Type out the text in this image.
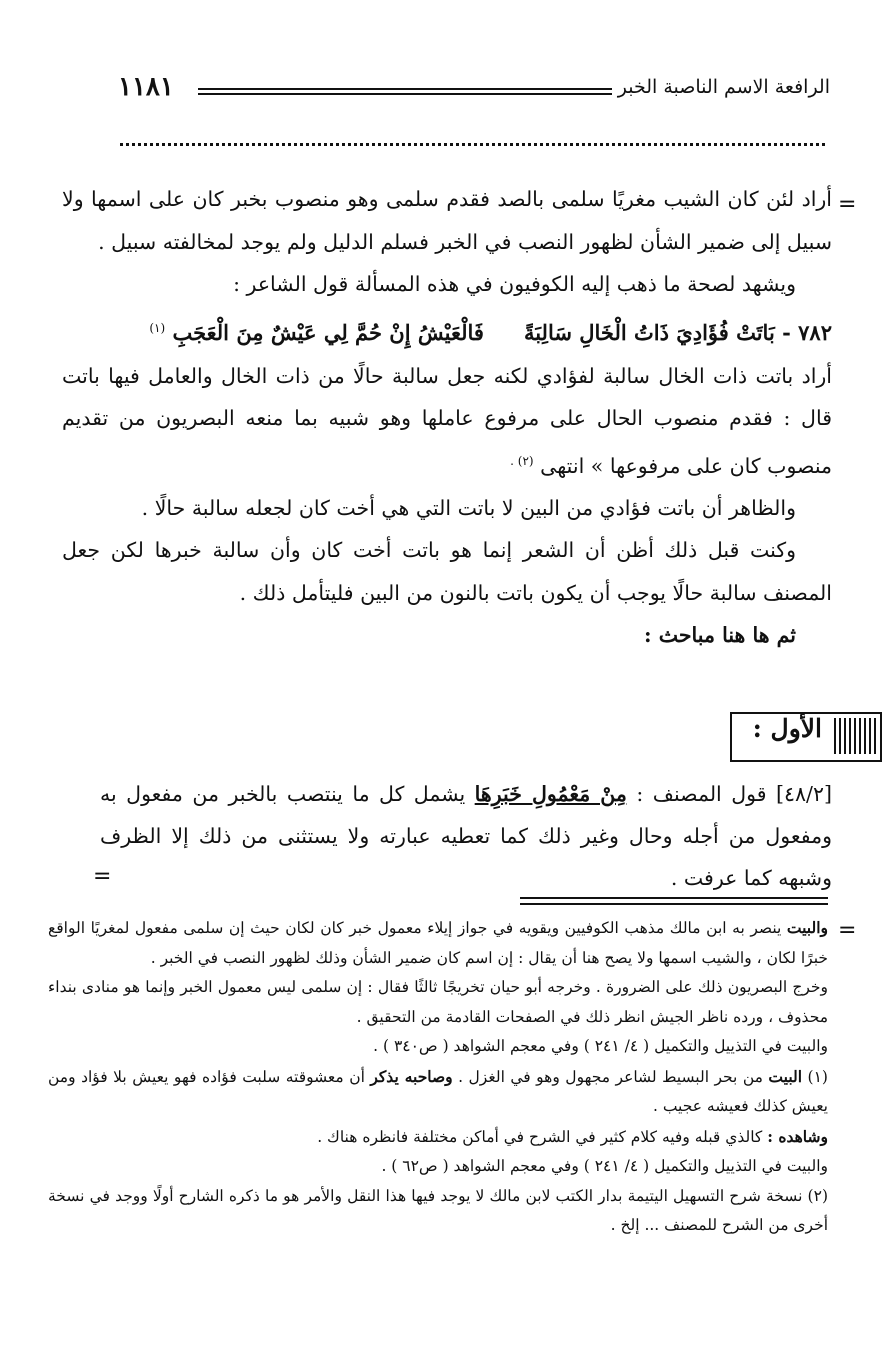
الرافعة الاسم الناصبة الخبر
١١٨١
=
=
=

أراد لئن كان الشيب مغريًا سلمى بالصد فقدم سلمى وهو منصوب بخبر كان على اسمها ولا سبيل إلى ضمير الشأن لظهور النصب في الخبر فسلم الدليل ولم يوجد لمخالفته سبيل .

ويشهد لصحة ما ذهب إليه الكوفيون في هذه المسألة قول الشاعر :

٧٨٢ - بَاتَتْ فُؤَادِيَ ذَاتُ الْخَالِ سَالِبَةًفَالْعَيْشُ إِنْ حُمَّ لِي عَيْشٌ مِنَ الْعَجَبِ $^{(١)}$

أراد باتت ذات الخال سالبة لفؤادي لكنه جعل سالبة حالًا من ذات الخال والعامل فيها باتت قال : فقدم منصوب الحال على مرفوع عاملها وهو شبيه بما منعه البصريون من تقديم منصوب كان على مرفوعها » انتهى $^{(٢) .}$

والظاهر أن باتت فؤادي من البين لا باتت التي هي أخت كان لجعله سالبة حالًا .

وكنت قبل ذلك أظن أن الشعر إنما هو باتت أخت كان وأن سالبة خبرها لكن جعل المصنف سالبة حالًا يوجب أن يكون باتت بالنون من البين فليتأمل ذلك .

ثم ها هنا مباحث :

الأول :

[٤٨/٢] قول المصنف : مِنْ مَعْمُولِ خَبَرِهَا يشمل كل ما ينتصب بالخبر من مفعول به ومفعول من أجله وحال وغير ذلك كما تعطيه عبارته ولا يستثنى من ذلك إلا الظرف وشبهه كما عرفت .

والبيت ينصر به ابن مالك مذهب الكوفيين ويقويه في جواز إيلاء معمول خبر كان لكان حيث إن سلمى مفعول لمغريًا الواقع خبرًا لكان ، والشيب اسمها ولا يصح هنا أن يقال : إن اسم كان ضمير الشأن وذلك لظهور النصب في الخبر .

وخرج البصريون ذلك على الضرورة . وخرجه أبو حيان تخريجًا ثالثًا فقال : إن سلمى ليس معمول الخبر وإنما هو منادى بنداء محذوف ، ورده ناظر الجيش انظر ذلك في الصفحات القادمة من التحقيق .

والبيت في التذييل والتكميل ( ٤/ ٢٤١ ) وفي معجم الشواهد ( ص٣٤٠ ) .

(١) البيت من بحر البسيط لشاعر مجهول وهو في الغزل . وصاحبه يذكر أن معشوقته سلبت فؤاده فهو يعيش بلا فؤاد ومن يعيش كذلك فعيشه عجيب .

وشاهده : كالذي قبله وفيه كلام كثير في الشرح في أماكن مختلفة فانظره هناك .

والبيت في التذييل والتكميل ( ٤/ ٢٤١ ) وفي معجم الشواهد ( ص٦٢ ) .

(٢) نسخة شرح التسهيل اليتيمة بدار الكتب لابن مالك لا يوجد فيها هذا النقل والأمر هو ما ذكره الشارح أولًا ووجد في نسخة أخرى من الشرح للمصنف ... إلخ .
